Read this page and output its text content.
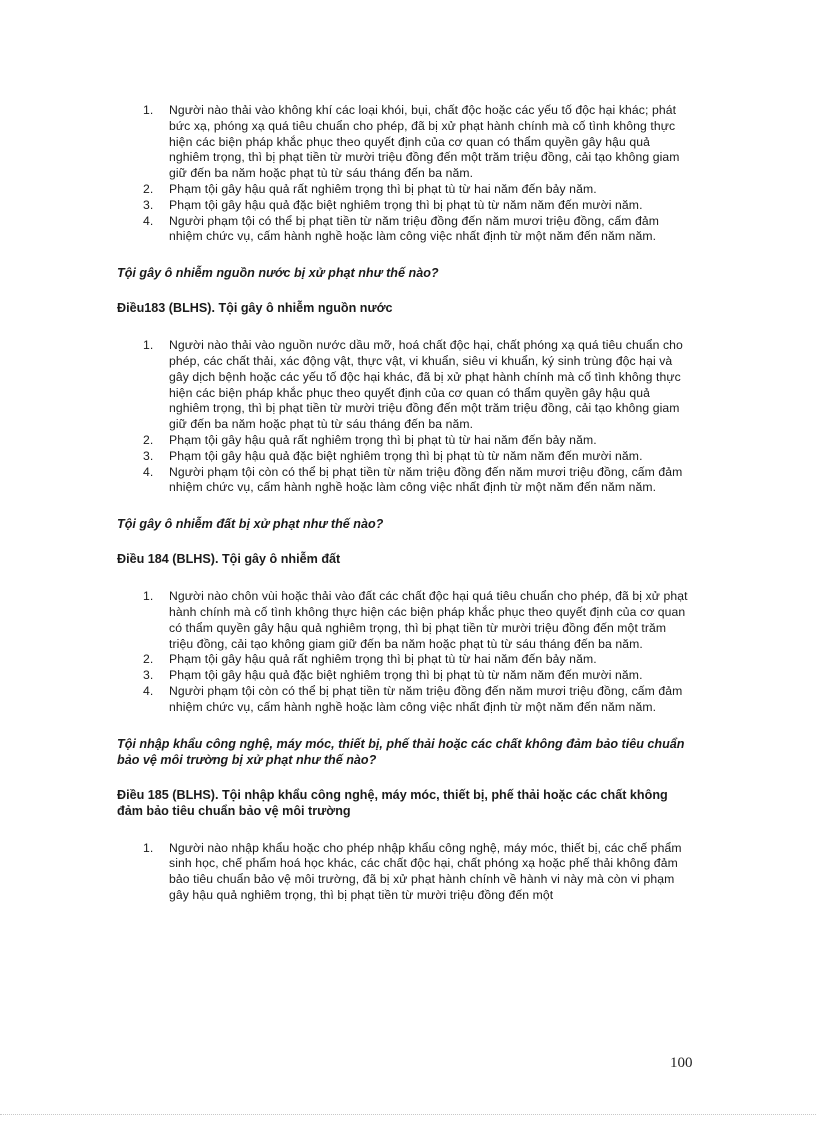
1.	Người nào thải vào không khí các loại khói, bụi, chất độc hoặc các yếu tố độc hại khác; phát bức xạ, phóng xạ quá tiêu chuẩn cho phép, đã bị xử phạt hành chính mà cố tình không thực hiện các biện pháp khắc phục theo quyết định của cơ quan có thẩm quyền gây hậu quả nghiêm trọng, thì bị phạt tiền từ mười triệu đồng đến một trăm triệu đồng, cải tạo không giam giữ đến ba năm hoặc phạt tù từ sáu tháng đến ba năm.
2.	Phạm tội gây hậu quả rất nghiêm trọng thì bị phạt tù từ hai năm đến bảy năm.
3.	Phạm tội gây hậu quả đặc biệt nghiêm trọng thì bị phạt tù từ năm năm đến mười năm.
4.	Người phạm tội có thể bị phạt tiền từ năm triệu đồng đến năm mươi triệu đồng, cấm đảm nhiệm chức vụ, cấm hành nghề hoặc làm công việc nhất định từ một năm đến năm năm.

Tội gây ô nhiễm nguồn nước bị xử phạt như thế nào?

Điều183 (BLHS). Tội gây ô nhiễm nguồn nước

1.	Người nào thải vào nguồn nước dầu mỡ, hoá chất độc hại, chất phóng xạ quá tiêu chuẩn cho phép, các chất thải, xác động vật, thực vật, vi khuẩn, siêu vi khuẩn, ký sinh trùng độc hại và gây dịch bệnh hoặc các yếu tố độc hại khác, đã bị xử phạt hành chính mà cố tình không thực hiện các biện pháp khắc phục theo quyết định của cơ quan có thẩm quyền gây hậu quả nghiêm trọng, thì bị phạt tiền từ mười triệu đồng đến một trăm triệu đồng, cải tạo không giam giữ đến ba năm hoặc phạt tù từ sáu tháng đến ba năm.
2.	Phạm tội gây hậu quả rất nghiêm trọng thì bị phạt tù từ hai năm đến bảy năm.
3.	Phạm tội gây hậu quả đặc biệt nghiêm trọng thì bị phạt tù từ năm năm đến mười năm.
4.	Người phạm tội còn có thể bị phạt tiền từ năm triệu đồng đến năm mươi triệu đồng, cấm đảm nhiệm chức vụ, cấm hành nghề hoặc làm công việc nhất định từ một năm đến năm năm.

Tội gây ô nhiễm đất bị xử phạt như thế nào?

Điều 184 (BLHS). Tội gây ô nhiễm đất

1.	Người nào chôn vùi hoặc thải vào đất các chất độc hại quá tiêu chuẩn cho phép, đã bị xử phạt hành chính mà cố tình không thực hiện các biện pháp khắc phục theo quyết định của cơ quan có thẩm quyền gây hậu quả nghiêm trọng, thì bị phạt tiền từ mười triệu đồng đến một trăm triệu đồng, cải tạo không giam giữ đến ba năm hoặc phạt tù từ sáu tháng đến ba năm.
2.	Phạm tội gây hậu quả rất nghiêm trọng thì bị phạt tù từ hai năm đến bảy năm.
3.	Phạm tội gây hậu quả đặc biệt nghiêm trọng thì bị phạt tù từ năm năm đến mười năm.
4.	Người phạm tội còn có thể bị phạt tiền từ năm triệu đồng đến năm mươi triệu đồng, cấm đảm nhiệm chức vụ, cấm hành nghề hoặc làm công việc nhất định từ một năm đến năm năm.

Tội nhập khẩu công nghệ, máy móc, thiết bị, phế thải hoặc các chất không đảm bảo tiêu chuẩn bảo vệ môi trường bị xử phạt như thế nào?

Điều 185 (BLHS). Tội nhập khẩu công nghệ, máy móc, thiết bị, phế thải hoặc các chất không đảm bảo tiêu chuẩn bảo vệ môi trường

1.	Người nào nhập khẩu hoặc cho phép nhập khẩu công nghệ, máy móc, thiết bị, các chế phẩm sinh học, chế phẩm hoá học khác, các chất độc hại, chất phóng xạ hoặc phế thải không đảm bảo tiêu chuẩn bảo vệ môi trường, đã bị xử phạt hành chính về hành vi này mà còn vi phạm gây hậu quả nghiêm trọng, thì bị phạt tiền từ mười triệu đồng đến một
100
